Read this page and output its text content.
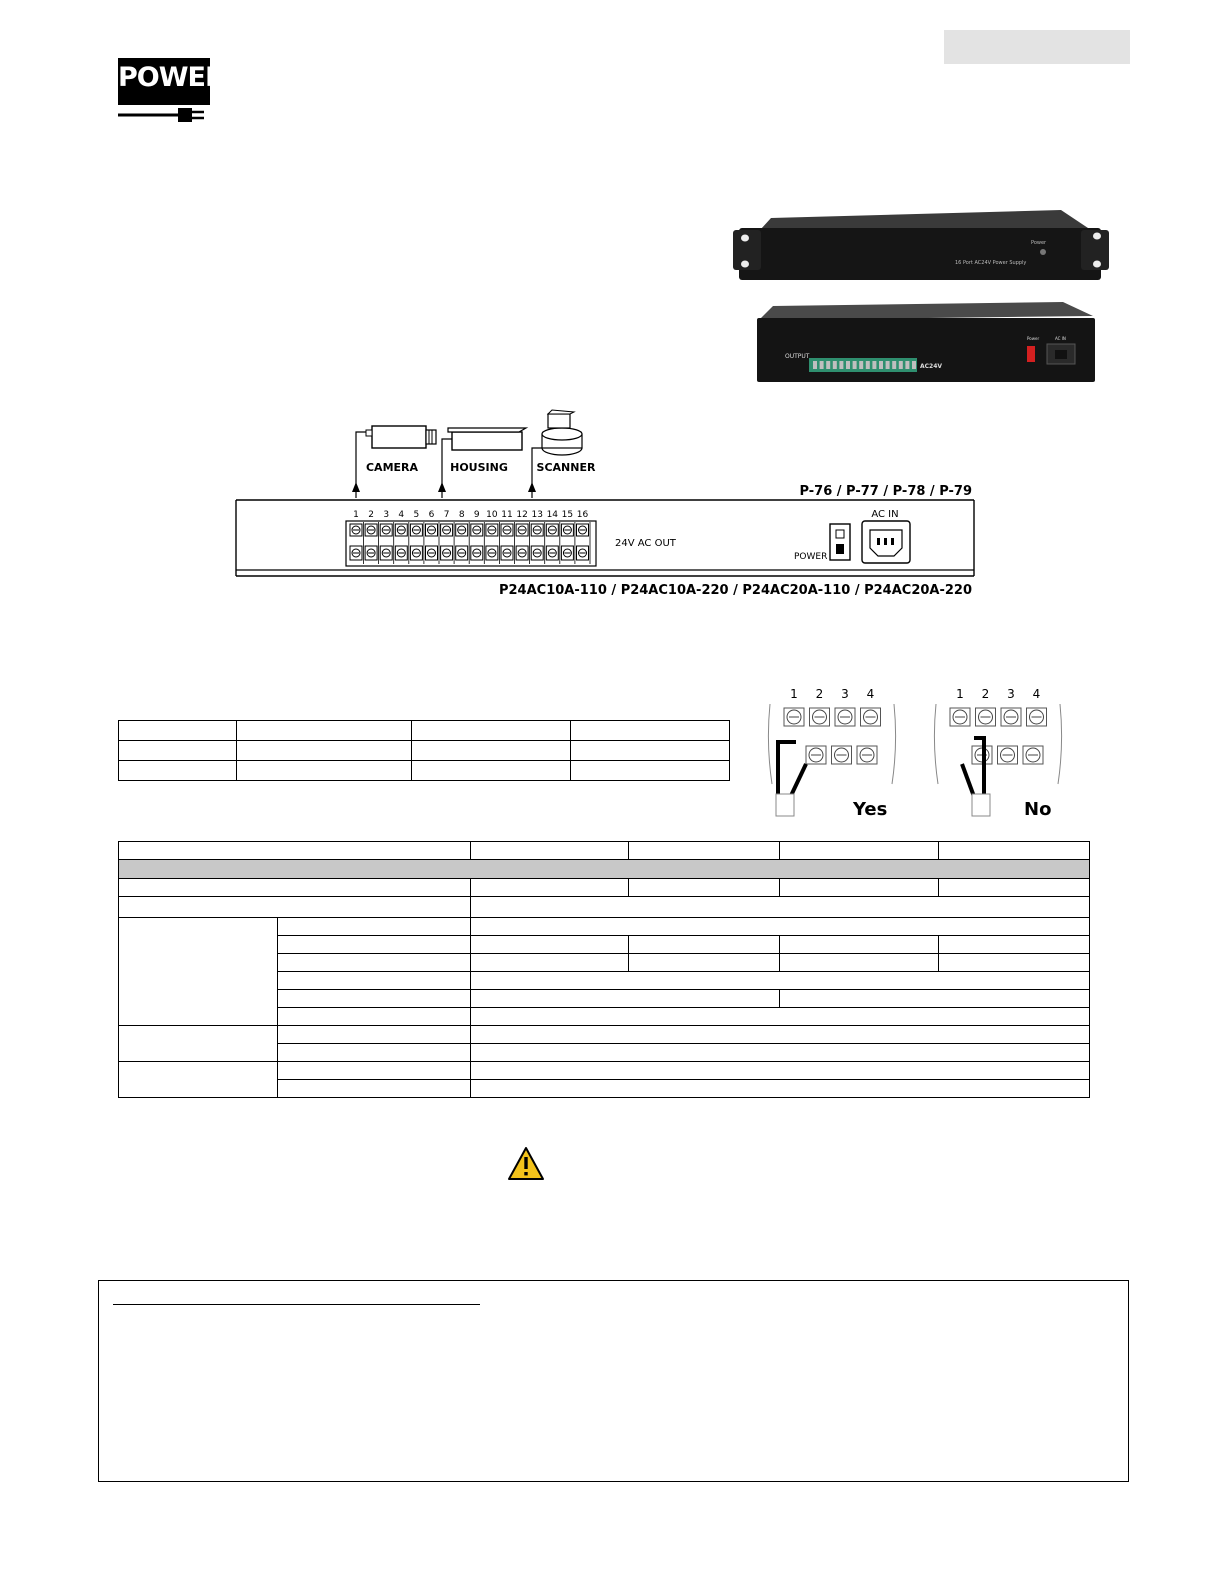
POWER
16 Port AC24V Power Supply
Power
OUTPUT
AC24V
Power	AC IN
CAMERA	HOUSING	SCANNER
P-76 / P-77 / P-78 / P-79
P24AC10A-110 / P24AC10A-220 / P24AC20A-110 / P24AC20A-220
1 2 3 4 5 6 7 8 9 10 11 12 13 14 15 16
24V AC OUT
POWER
AC IN
1 2 3 4	1 2 3 4
Yes	No
